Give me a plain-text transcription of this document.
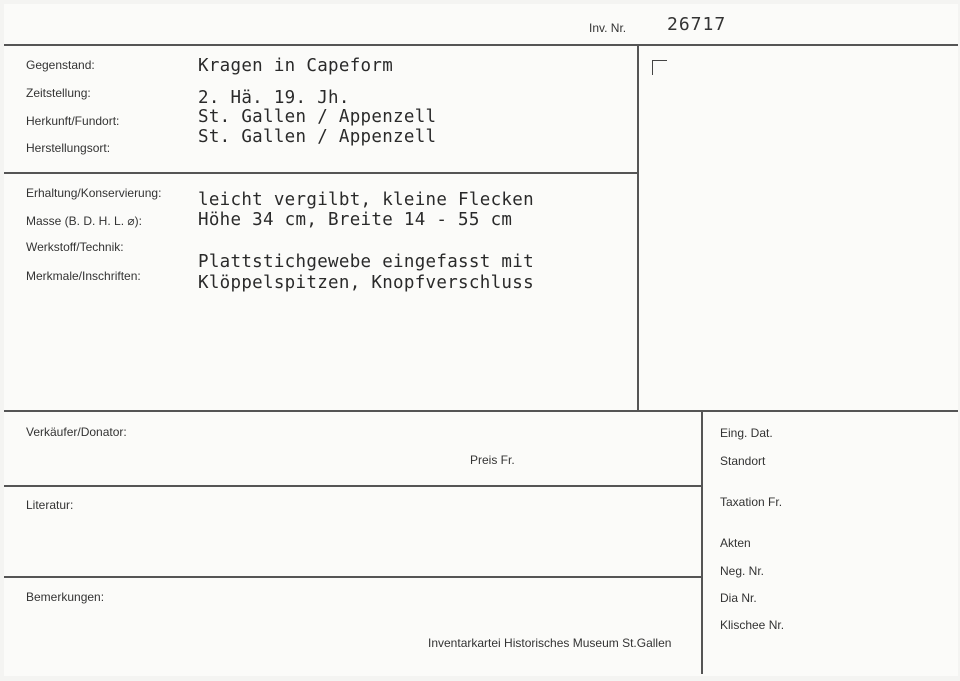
Inv. Nr. 26717
Gegenstand:
Zeitstellung:
Herkunft/Fundort:
Herstellungsort:
Kragen in Capeform
2. Hä. 19. Jh.
St. Gallen / Appenzell
St. Gallen / Appenzell
Erhaltung/Konservierung:
Masse (B. D. H. L. ⌀):
Werkstoff/Technik:
Merkmale/Inschriften:
leicht vergilbt, kleine Flecken
Höhe 34 cm, Breite 14 - 55 cm
Plattstichgewebe eingefasst mit
Klöppelspitzen, Knopfverschluss
Verkäufer/Donator:
Preis Fr.
Literatur:
Bemerkungen:
Inventarkartei Historisches Museum St.Gallen
Eing. Dat.
Standort
Taxation Fr.
Akten
Neg. Nr.
Dia Nr.
Klischee Nr.
